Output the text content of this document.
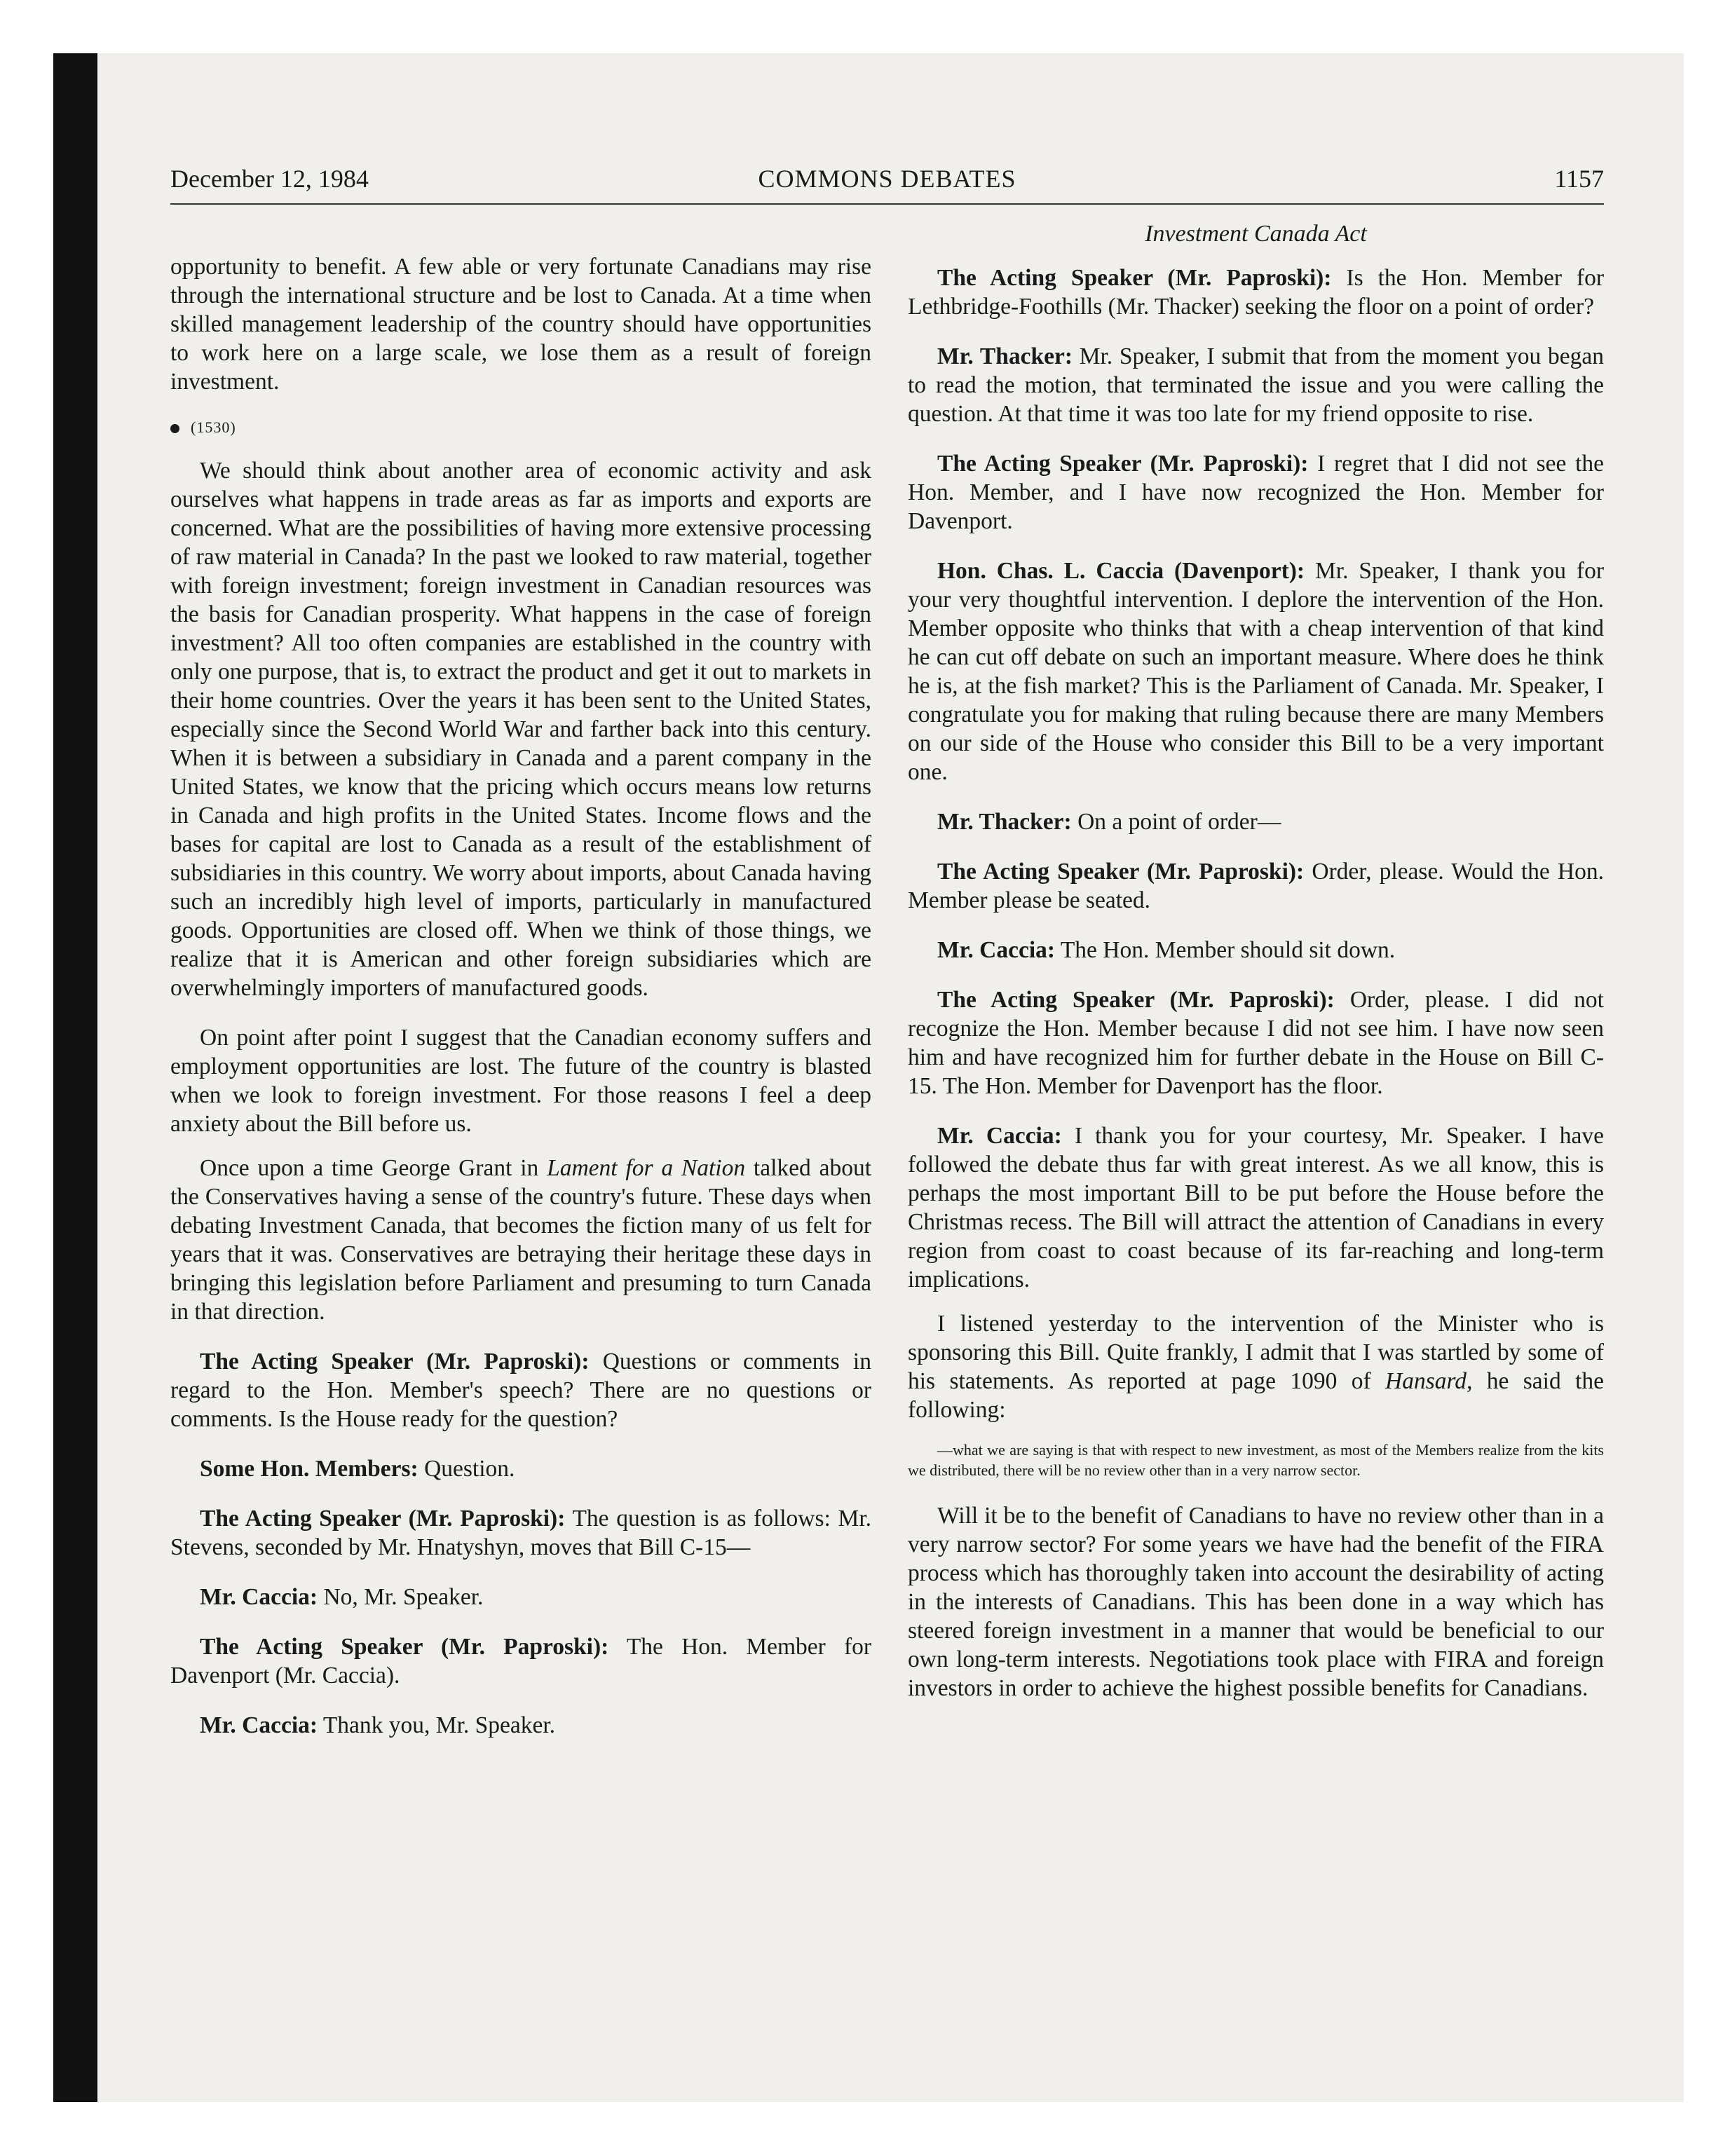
December 12, 1984	COMMONS DEBATES	1157

opportunity to benefit. A few able or very fortunate Canadians may rise through the international structure and be lost to Canada. At a time when skilled management leadership of the country should have opportunities to work here on a large scale, we lose them as a result of foreign investment.

(1530)

We should think about another area of economic activity and ask ourselves what happens in trade areas as far as imports and exports are concerned. What are the possibilities of having more extensive processing of raw material in Canada? In the past we looked to raw material, together with foreign investment; foreign investment in Canadian resources was the basis for Canadian prosperity. What happens in the case of foreign investment? All too often companies are established in the country with only one purpose, that is, to extract the product and get it out to markets in their home countries. Over the years it has been sent to the United States, especially since the Second World War and farther back into this century. When it is between a subsidiary in Canada and a parent company in the United States, we know that the pricing which occurs means low returns in Canada and high profits in the United States. Income flows and the bases for capital are lost to Canada as a result of the establishment of subsidiaries in this country. We worry about imports, about Canada having such an incredibly high level of imports, particularly in manufactured goods. Opportunities are closed off. When we think of those things, we realize that it is American and other foreign subsidiaries which are overwhelmingly importers of manufactured goods.

On point after point I suggest that the Canadian economy suffers and employment opportunities are lost. The future of the country is blasted when we look to foreign investment. For those reasons I feel a deep anxiety about the Bill before us.

Once upon a time George Grant in Lament for a Nation talked about the Conservatives having a sense of the country's future. These days when debating Investment Canada, that becomes the fiction many of us felt for years that it was. Conservatives are betraying their heritage these days in bringing this legislation before Parliament and presuming to turn Canada in that direction.

The Acting Speaker (Mr. Paproski): Questions or comments in regard to the Hon. Member's speech? There are no questions or comments. Is the House ready for the question?

Some Hon. Members: Question.

The Acting Speaker (Mr. Paproski): The question is as follows: Mr. Stevens, seconded by Mr. Hnatyshyn, moves that Bill C-15—

Mr. Caccia: No, Mr. Speaker.

The Acting Speaker (Mr. Paproski): The Hon. Member for Davenport (Mr. Caccia).

Mr. Caccia: Thank you, Mr. Speaker.

Investment Canada Act

The Acting Speaker (Mr. Paproski): Is the Hon. Member for Lethbridge-Foothills (Mr. Thacker) seeking the floor on a point of order?

Mr. Thacker: Mr. Speaker, I submit that from the moment you began to read the motion, that terminated the issue and you were calling the question. At that time it was too late for my friend opposite to rise.

The Acting Speaker (Mr. Paproski): I regret that I did not see the Hon. Member, and I have now recognized the Hon. Member for Davenport.

Hon. Chas. L. Caccia (Davenport): Mr. Speaker, I thank you for your very thoughtful intervention. I deplore the intervention of the Hon. Member opposite who thinks that with a cheap intervention of that kind he can cut off debate on such an important measure. Where does he think he is, at the fish market? This is the Parliament of Canada. Mr. Speaker, I congratulate you for making that ruling because there are many Members on our side of the House who consider this Bill to be a very important one.

Mr. Thacker: On a point of order—

The Acting Speaker (Mr. Paproski): Order, please. Would the Hon. Member please be seated.

Mr. Caccia: The Hon. Member should sit down.

The Acting Speaker (Mr. Paproski): Order, please. I did not recognize the Hon. Member because I did not see him. I have now seen him and have recognized him for further debate in the House on Bill C-15. The Hon. Member for Davenport has the floor.

Mr. Caccia: I thank you for your courtesy, Mr. Speaker. I have followed the debate thus far with great interest. As we all know, this is perhaps the most important Bill to be put before the House before the Christmas recess. The Bill will attract the attention of Canadians in every region from coast to coast because of its far-reaching and long-term implications.

I listened yesterday to the intervention of the Minister who is sponsoring this Bill. Quite frankly, I admit that I was startled by some of his statements. As reported at page 1090 of Hansard, he said the following:

—what we are saying is that with respect to new investment, as most of the Members realize from the kits we distributed, there will be no review other than in a very narrow sector.

Will it be to the benefit of Canadians to have no review other than in a very narrow sector? For some years we have had the benefit of the FIRA process which has thoroughly taken into account the desirability of acting in the interests of Canadians. This has been done in a way which has steered foreign investment in a manner that would be beneficial to our own long-term interests. Negotiations took place with FIRA and foreign investors in order to achieve the highest possible benefits for Canadians.
